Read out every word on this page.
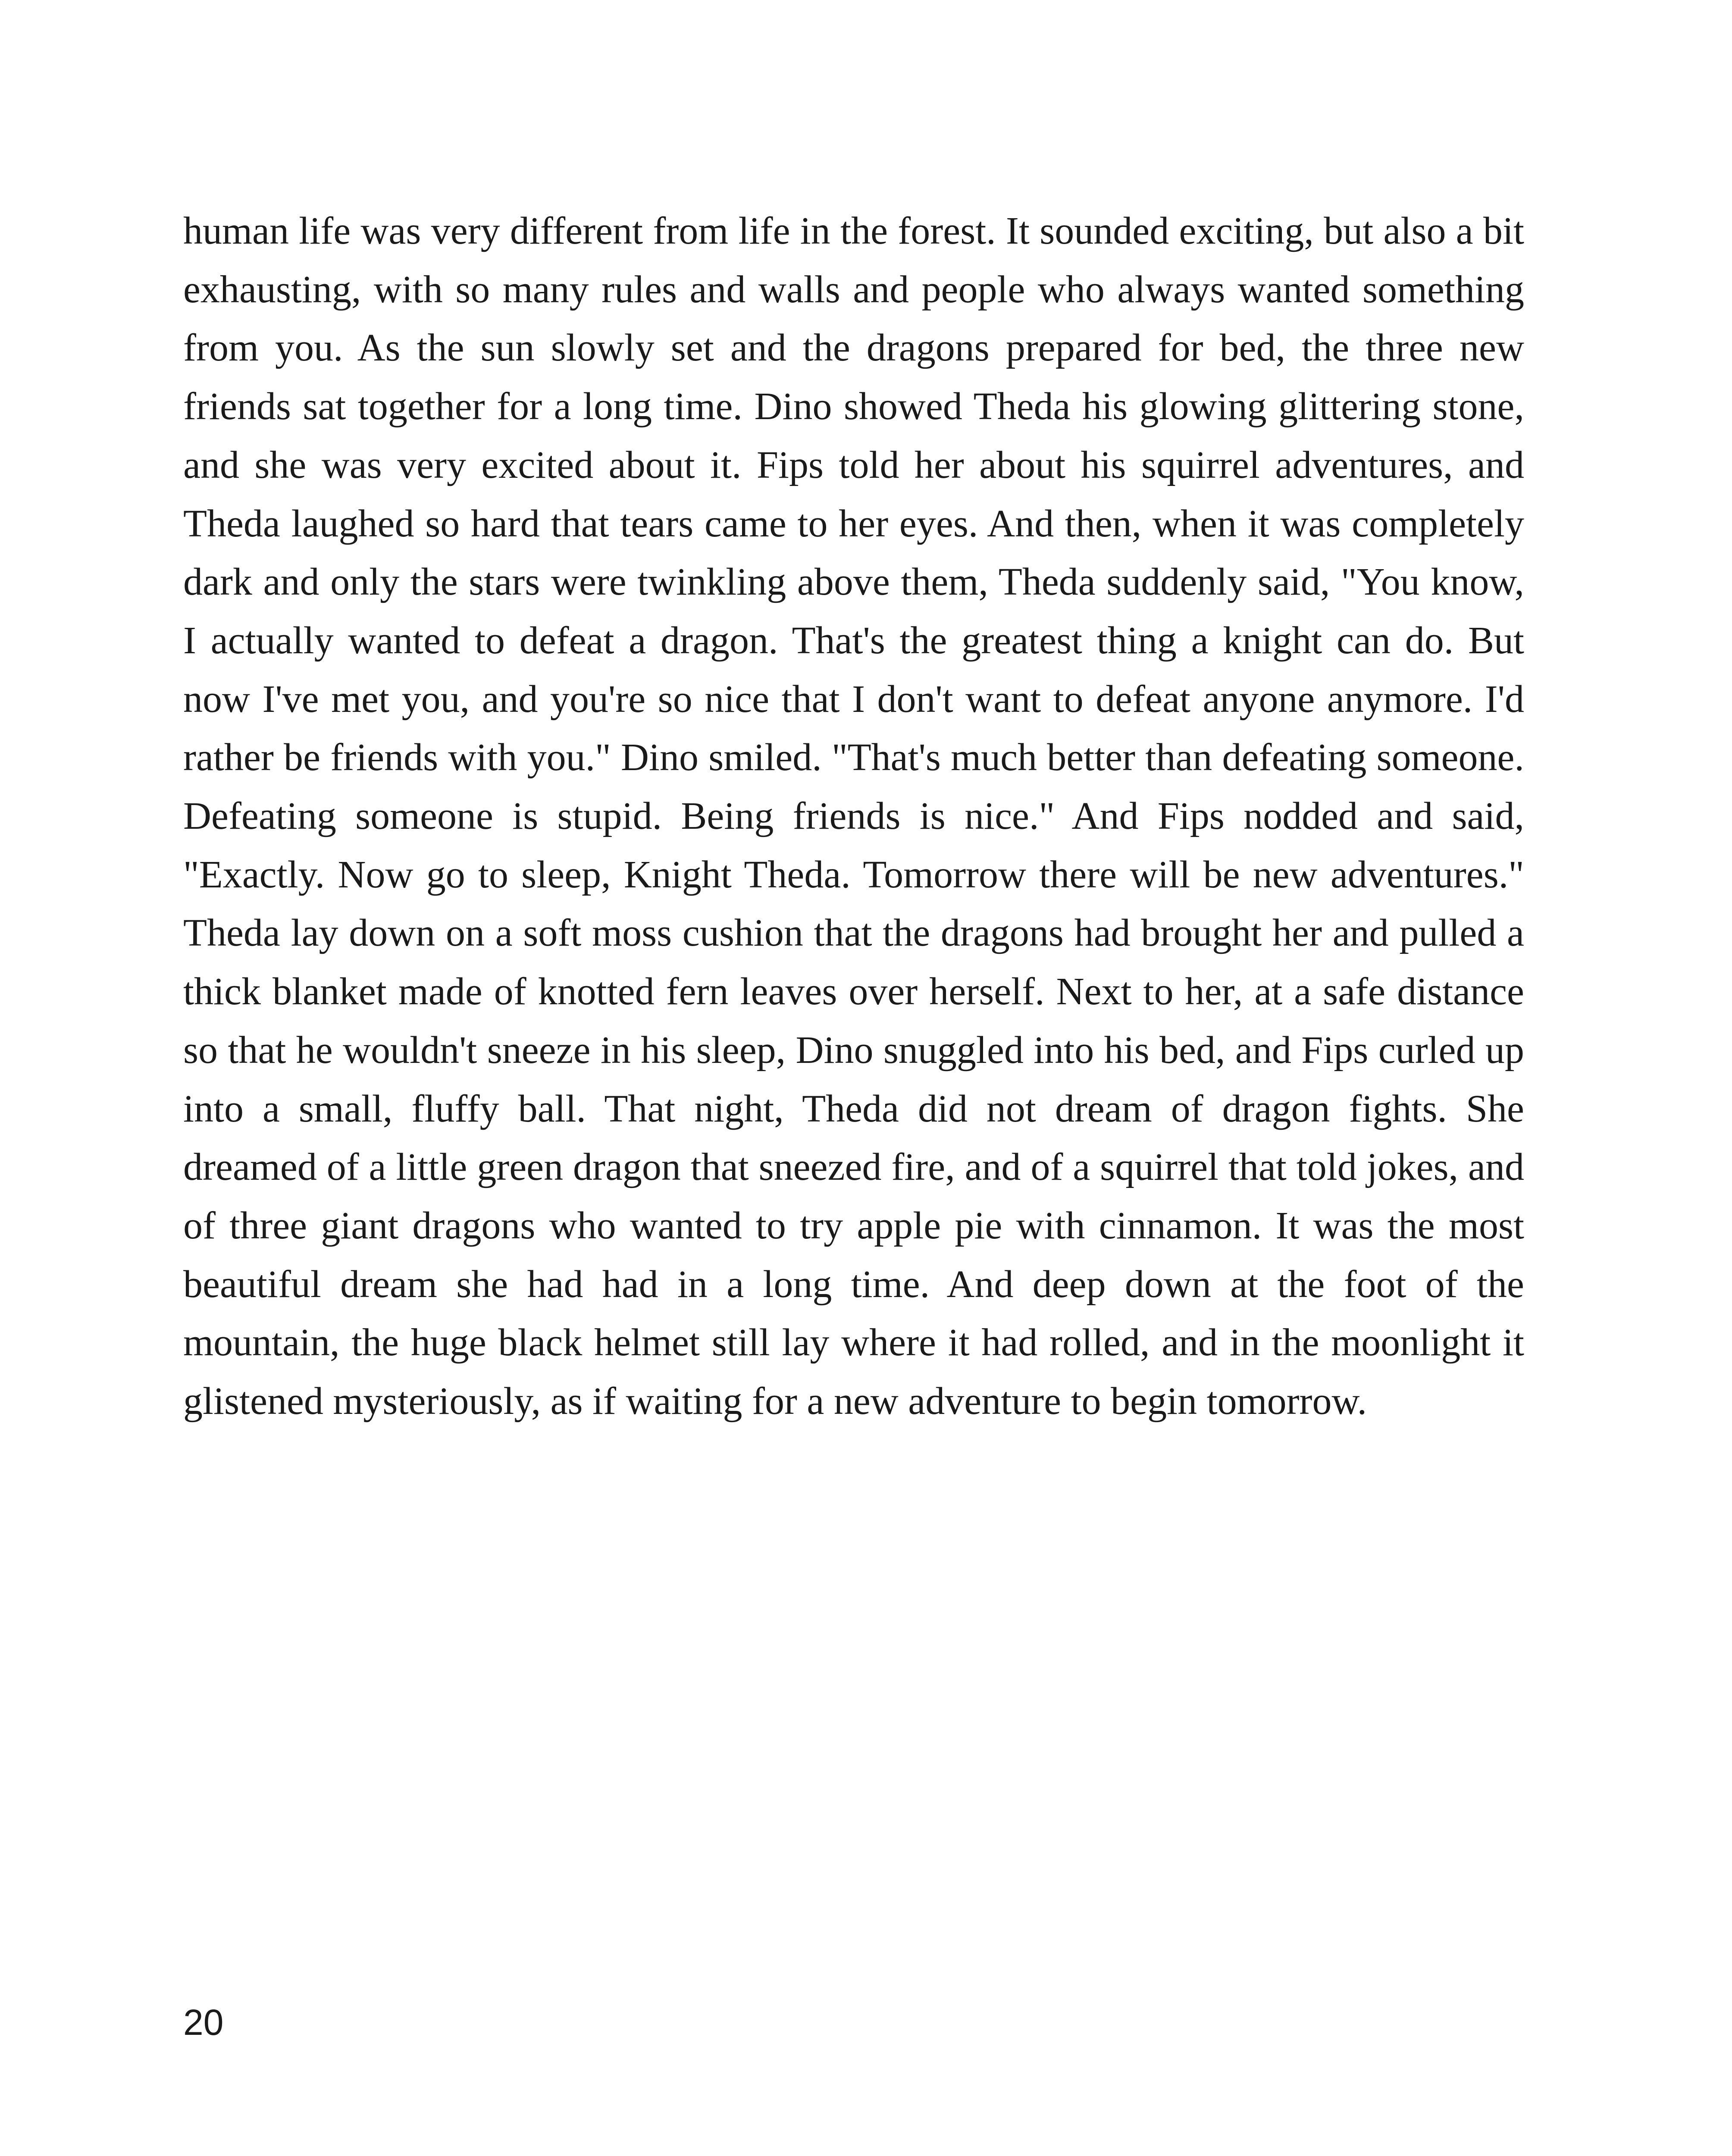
human life was very different from life in the forest. It sounded exciting, but also a bit exhausting, with so many rules and walls and people who always wanted something from you. As the sun slowly set and the dragons prepared for bed, the three new friends sat together for a long time. Dino showed Theda his glowing glittering stone, and she was very excited about it. Fips told her about his squirrel adventures, and Theda laughed so hard that tears came to her eyes. And then, when it was completely dark and only the stars were twinkling above them, Theda suddenly said, "You know, I actually wanted to defeat a dragon. That's the greatest thing a knight can do. But now I've met you, and you're so nice that I don't want to defeat anyone anymore. I'd rather be friends with you." Dino smiled. "That's much better than defeating someone. Defeating someone is stupid. Being friends is nice." And Fips nodded and said, "Exactly. Now go to sleep, Knight Theda. Tomorrow there will be new adventures." Theda lay down on a soft moss cushion that the dragons had brought her and pulled a thick blanket made of knotted fern leaves over herself. Next to her, at a safe distance so that he wouldn't sneeze in his sleep, Dino snuggled into his bed, and Fips curled up into a small, fluffy ball. That night, Theda did not dream of dragon fights. She dreamed of a little green dragon that sneezed fire, and of a squirrel that told jokes, and of three giant dragons who wanted to try apple pie with cinnamon. It was the most beautiful dream she had had in a long time. And deep down at the foot of the mountain, the huge black helmet still lay where it had rolled, and in the moonlight it glistened mysteriously, as if waiting for a new adventure to begin tomorrow.

20
